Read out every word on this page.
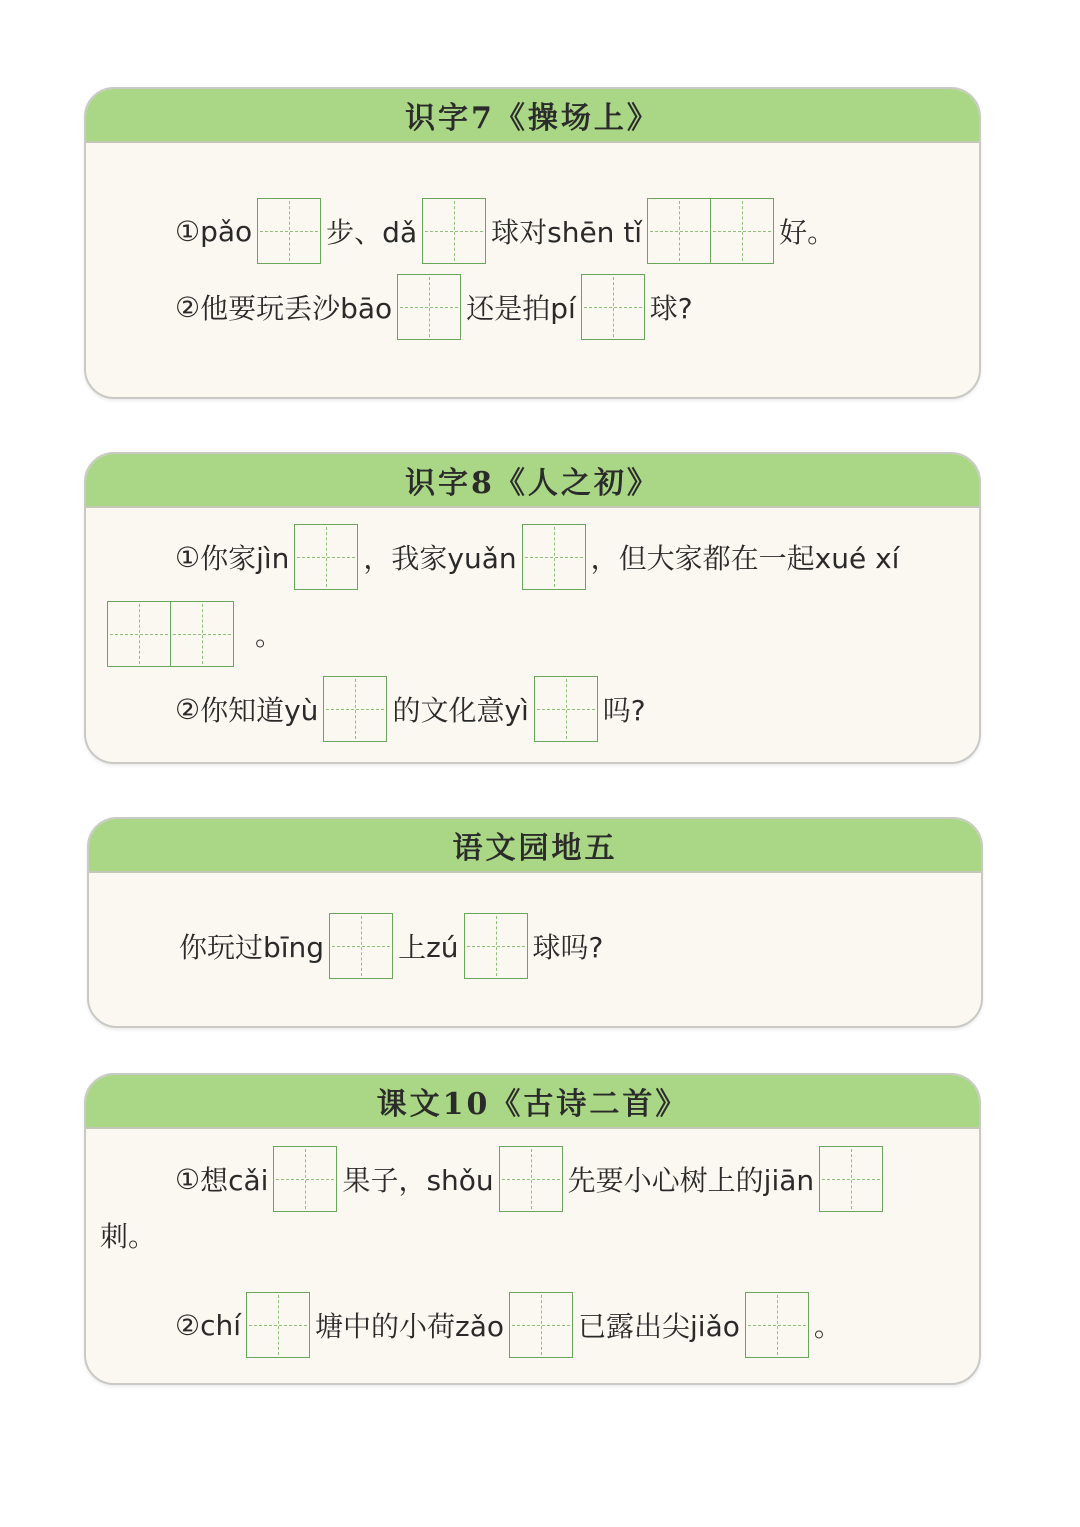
识字7《操场上》
① pǎo	步、dǎ	球对shēn tǐ	好。
② 他要玩丢沙bāo	还是拍pí	球?
识字8《人之初》
① 你家jìn	，我家yuǎn	，但大家都在一起xué xí
。
② 你知道yù	的文化意yì	吗?
语文园地五
你玩过bīng	上zú	球吗?
课文10《古诗二首》
① 想cǎi	果子，shǒu	先要小心树上的jiān
刺。
② chí	塘中的小荷zǎo	已露出尖jiǎo	。
